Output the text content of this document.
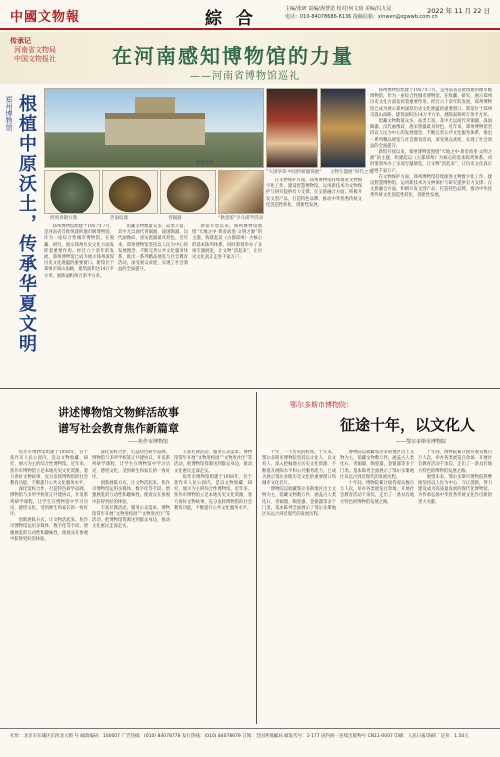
中國文物報	綜 合	主编/张研 责编/海慧诺 校对/何文琦 美编/冯九星
电话：010-84078686-8136 投稿信箱：xinwen@zgwwb.com.cn
2022 年 11 月 22 日
传承记
河南省文物局
中国文物报社	在河南感知博物馆的力量
——河南省博物馆巡礼
郑州博物馆 根植中原沃土，传承华夏文明	西周青铜方鼎	兽面纹鼎	青铜器
新馆外景
“秋意浓”少儿研学活动
“大国华章·中国传统服饰展” 文物专题展“时代之光”

郑州博物馆始建于1957年7月，是河南省首批组建的地市级博物馆，作为一座综合性城市博物馆，在收藏、研究、展示郑州历史文化方面发挥着重要作用。经过六十余年的发展，郑州博物馆已成为展示郑州深厚历史文化底蕴的重要窗口。新馆位于郑州市嵩山南路，建筑面积达14万平方米，展陈面积两万余平方米。

馆藏文物数量众多，品类丰富，其中尤以商代青铜器、战国陶器、汉代画像砖、唐宋瓷器最具特色。近年来，郑州博物馆坚持以人民为中心的发展理念，不断完善公共文化服务体系，推出一系列精品展览与社会教育活动，深受观众欢迎，实现了社会效益的全面提升。

新馆开放以来，郑州博物馆围绕“天地之中·黄帝故里·文明之源”的主题，构建起以《古都郑州》为核心的基本陈列体系，同时策划举办了多项专题展览，让文物“活起来”，让历史文化真正走进千家万户。

在文物保护方面，郑州博物馆持续推进文物数字化工作，建设智慧博物馆，运用新技术为文物保护与研究提供有力支撑；在文旅融合方面，积极开发文创产品，打造特色品牌，推动中华优秀传统文化创造性转化、创新性发展。

郑州博物馆始建于1957年7月，是河南省首批组建的地市级博物馆，作为一座综合性城市博物馆，在收藏、研究、展示郑州历史文化方面发挥着重要作用。经过六十余年的发展，郑州博物馆已成为展示郑州深厚历史文化底蕴的重要窗口。新馆位于郑州市嵩山南路，建筑面积达14万平方米，展陈面积两万余平方米。

馆藏文物数量众多，品类丰富，其中尤以商代青铜器、战国陶器、汉代画像砖、唐宋瓷器最具特色。近年来，郑州博物馆坚持以人民为中心的发展理念，不断完善公共文化服务体系，推出一系列精品展览与社会教育活动，深受观众欢迎，实现了社会效益的全面提升。

新馆开放以来，郑州博物馆围绕“天地之中·黄帝故里·文明之源”的主题，构建起以《古都郑州》为核心的基本陈列体系，同时策划举办了多项专题展览，让文物“活起来”，让历史文化真正走进千家万户。

在文物保护方面，郑州博物馆持续推进文物数字化工作，建设智慧博物馆，运用新技术为文物保护与研究提供有力支撑；在文旅融合方面，积极开发文创产品，打造特色品牌，推动中华优秀传统文化创造性转化、创新性发展。

讲述博物馆文物鲜活故事
谱写社会教育焦作新篇章
——焦作市博物馆

焦作市博物馆组建于1958年，位于焦作市人民公园内，是以文物收藏、研究、展示为主的综合性博物馆。近年来，焦作市博物馆立足本地历史文化资源，着力讲好文物故事，充分发挥博物馆的社会教育功能，不断提升公共文化服务水平。

深化馆校合作，打造特色研学品牌。博物馆与多所学校签订共建协议，开发系列研学课程，让学生在博物馆中学习历史、感悟文化，受到师生和家长的一致好评。

创新展陈方式，让文物活起来。焦作市博物馆运用多媒体、数字化等手段，增强展览的互动性和趣味性，使观众在参观中获得更好的体验。

深化馆校合作，打造特色研学品牌。博物馆与多所学校签订共建协议，开发系列研学课程，让学生在博物馆中学习历史、感悟文化，受到师生和家长的一致好评。

创新展陈方式，让文物活起来。焦作市博物馆运用多媒体、数字化等手段，增强展览的互动性和趣味性，使观众在参观中获得更好的体验。

丰富社教活动，服务公众需求。博物馆常年开展“文物进校园”“文物进社区”等活动，把博物馆资源送到群众身边，推动文化惠民走深走实。

丰富社教活动，服务公众需求。博物馆常年开展“文物进校园”“文物进社区”等活动，把博物馆资源送到群众身边，推动文化惠民走深走实。

焦作市博物馆组建于1958年，位于焦作市人民公园内，是以文物收藏、研究、展示为主的综合性博物馆。近年来，焦作市博物馆立足本地历史文化资源，着力讲好文物故事，充分发挥博物馆的社会教育功能，不断提升公共文化服务水平。

鄂尔多斯市博物院：
征途十年，以文化人
——鄂尔多斯市博物院

十年，一个历史的跨度。十年来，鄂尔多斯市博物院坚持以文化人、以文育人，深入挖掘地方历史文化资源，不断提升展陈水平和公共服务能力，已成为展示鄂尔多斯历史文化的重要窗口和城市文化名片。

博物院以收藏鄂尔多斯地区出土文物为主，馆藏文物数万件，涵盖古人类化石、青铜器、陶瓷器、金银器等多个门类。基本陈列全面展示了鄂尔多斯地区从远古到近现代的发展历程。

博物院以收藏鄂尔多斯地区出土文物为主，馆藏文物数万件，涵盖古人类化石、青铜器、陶瓷器、金银器等多个门类。基本陈列全面展示了鄂尔多斯地区从远古到近现代的发展历程。

十年间，博物院累计接待观众数百万人次，举办各类展览百余场，开展社会教育活动千余次，走出了一条具有地方特色的博物馆发展之路。

十年间，博物院累计接待观众数百万人次，举办各类展览百余场，开展社会教育活动千余次，走出了一条具有地方特色的博物馆发展之路。

展望未来，鄂尔多斯市博物院将继续坚持以人民为中心，守正创新，努力建设成为高质量发展的现代化博物馆，为传承弘扬中华优秀传统文化作出新的更大贡献。

社址：北京市东城区东四北大街 号 邮政编码：100007 广告热线：(010) 84078778 发行热线：(010) 84078679 订阅：全国各地邮局 邮发代号：1-177 国内统一连续出版物号 CN11-0007 印刷：人民日报印刷厂 定价：1.50元
